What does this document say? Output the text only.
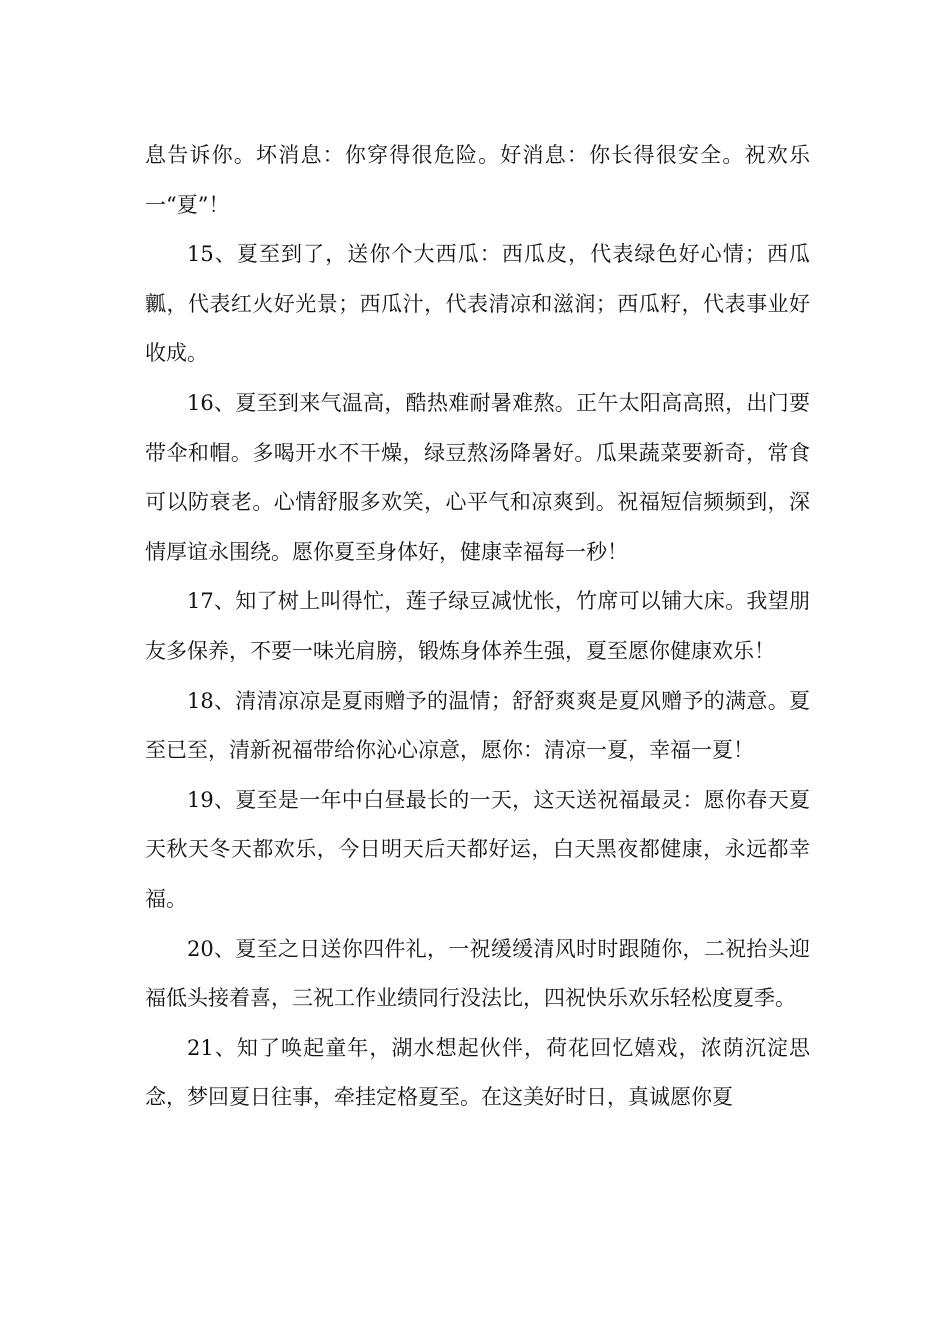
息告诉你。坏消息：你穿得很危险。好消息：你长得很安全。祝欢乐一“夏”！

15、夏至到了，送你个大西瓜：西瓜皮，代表绿色好心情；西瓜瓤，代表红火好光景；西瓜汁，代表清凉和滋润；西瓜籽，代表事业好收成。

16、夏至到来气温高，酷热难耐暑难熬。正午太阳高高照，出门要带伞和帽。多喝开水不干燥，绿豆熬汤降暑好。瓜果蔬菜要新奇，常食可以防衰老。心情舒服多欢笑，心平气和凉爽到。祝福短信频频到，深情厚谊永围绕。愿你夏至身体好，健康幸福每一秒！

17、知了树上叫得忙，莲子绿豆减忧怅，竹席可以铺大床。我望朋友多保养，不要一味光肩膀，锻炼身体养生强，夏至愿你健康欢乐！

18、清清凉凉是夏雨赠予的温情；舒舒爽爽是夏风赠予的满意。夏至已至，清新祝福带给你沁心凉意，愿你：清凉一夏，幸福一夏！

19、夏至是一年中白昼最长的一天，这天送祝福最灵：愿你春天夏天秋天冬天都欢乐，今日明天后天都好运，白天黑夜都健康，永远都幸福。

20、夏至之日送你四件礼，一祝缓缓清风时时跟随你，二祝抬头迎福低头接着喜，三祝工作业绩同行没法比，四祝快乐欢乐轻松度夏季。

21、知了唤起童年，湖水想起伙伴，荷花回忆嬉戏，浓荫沉淀思念，梦回夏日往事，牵挂定格夏至。在这美好时日，真诚愿你夏
